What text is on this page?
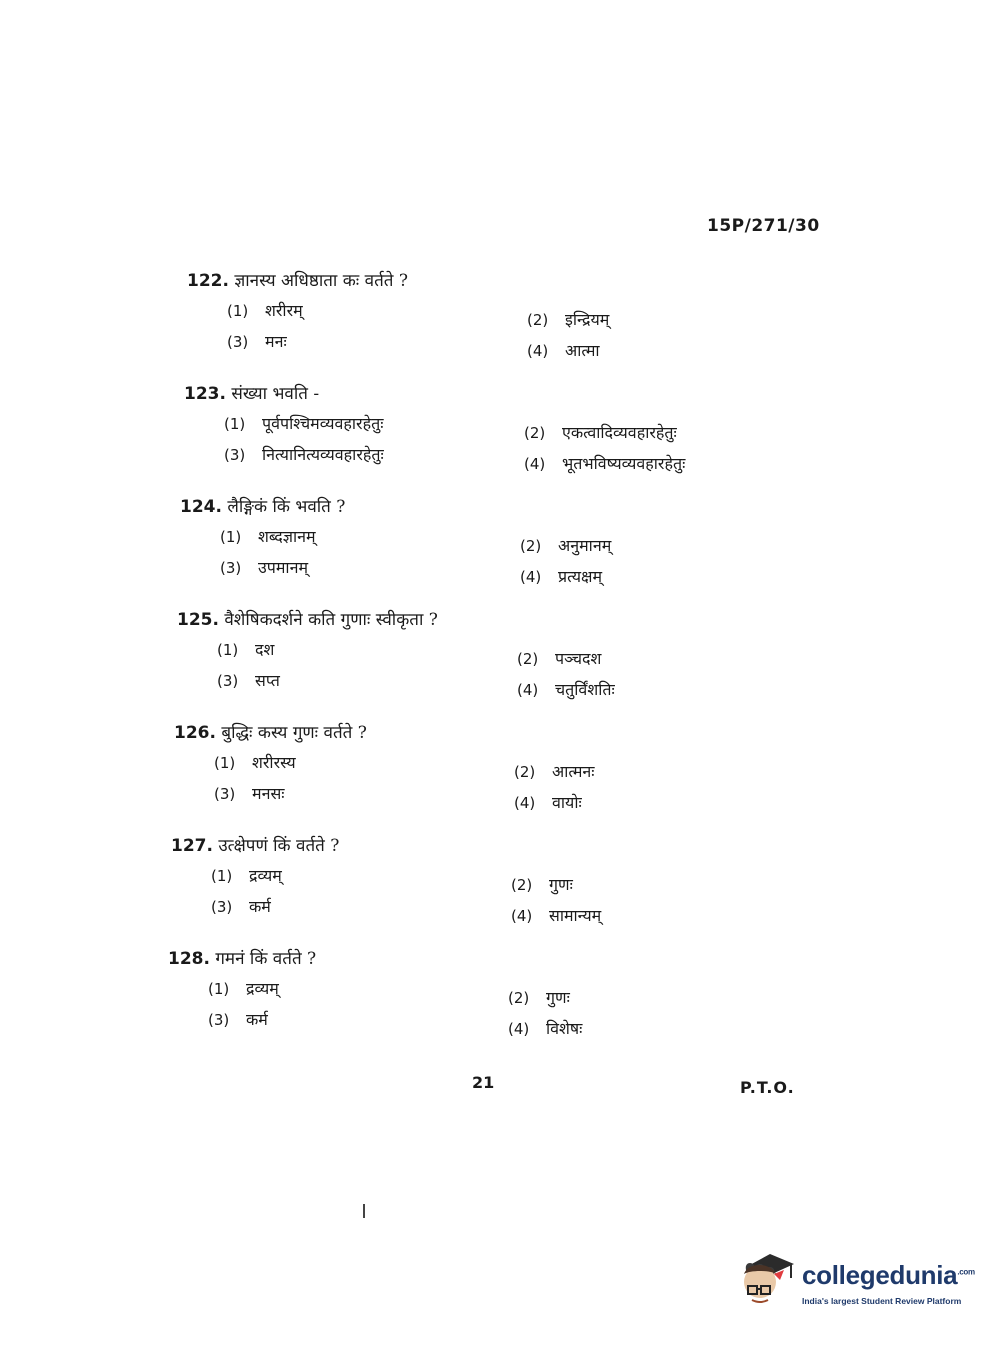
15P/271/30
122. ज्ञानस्य अधिष्ठाता कः वर्तते ?
(1) शरीरम्	(2) इन्द्रियम्
(3) मनः	(4) आत्मा
123. संख्या भवति -
(1) पूर्वपश्चिमव्यवहारहेतुः	(2) एकत्वादिव्यवहारहेतुः
(3) नित्यानित्यव्यवहारहेतुः	(4) भूतभविष्यव्यवहारहेतुः
124. लैङ्गिकं किं भवति ?
(1) शब्दज्ञानम्	(2) अनुमानम्
(3) उपमानम्	(4) प्रत्यक्षम्
125. वैशेषिकदर्शने कति गुणाः स्वीकृता ?
(1) दश	(2) पञ्चदश
(3) सप्त	(4) चतुर्विंशतिः
126. बुद्धिः कस्य गुणः वर्तते ?
(1) शरीरस्य	(2) आत्मनः
(3) मनसः	(4) वायोः
127. उत्क्षेपणं किं वर्तते ?
(1) द्रव्यम्	(2) गुणः
(3) कर्म	(4) सामान्यम्
128. गमनं किं वर्तते ?
(1) द्रव्यम्	(2) गुणः
(3) कर्म	(4) विशेषः
21	P.T.O.
collegedunia$^{.com}$
India's largest Student Review Platform
